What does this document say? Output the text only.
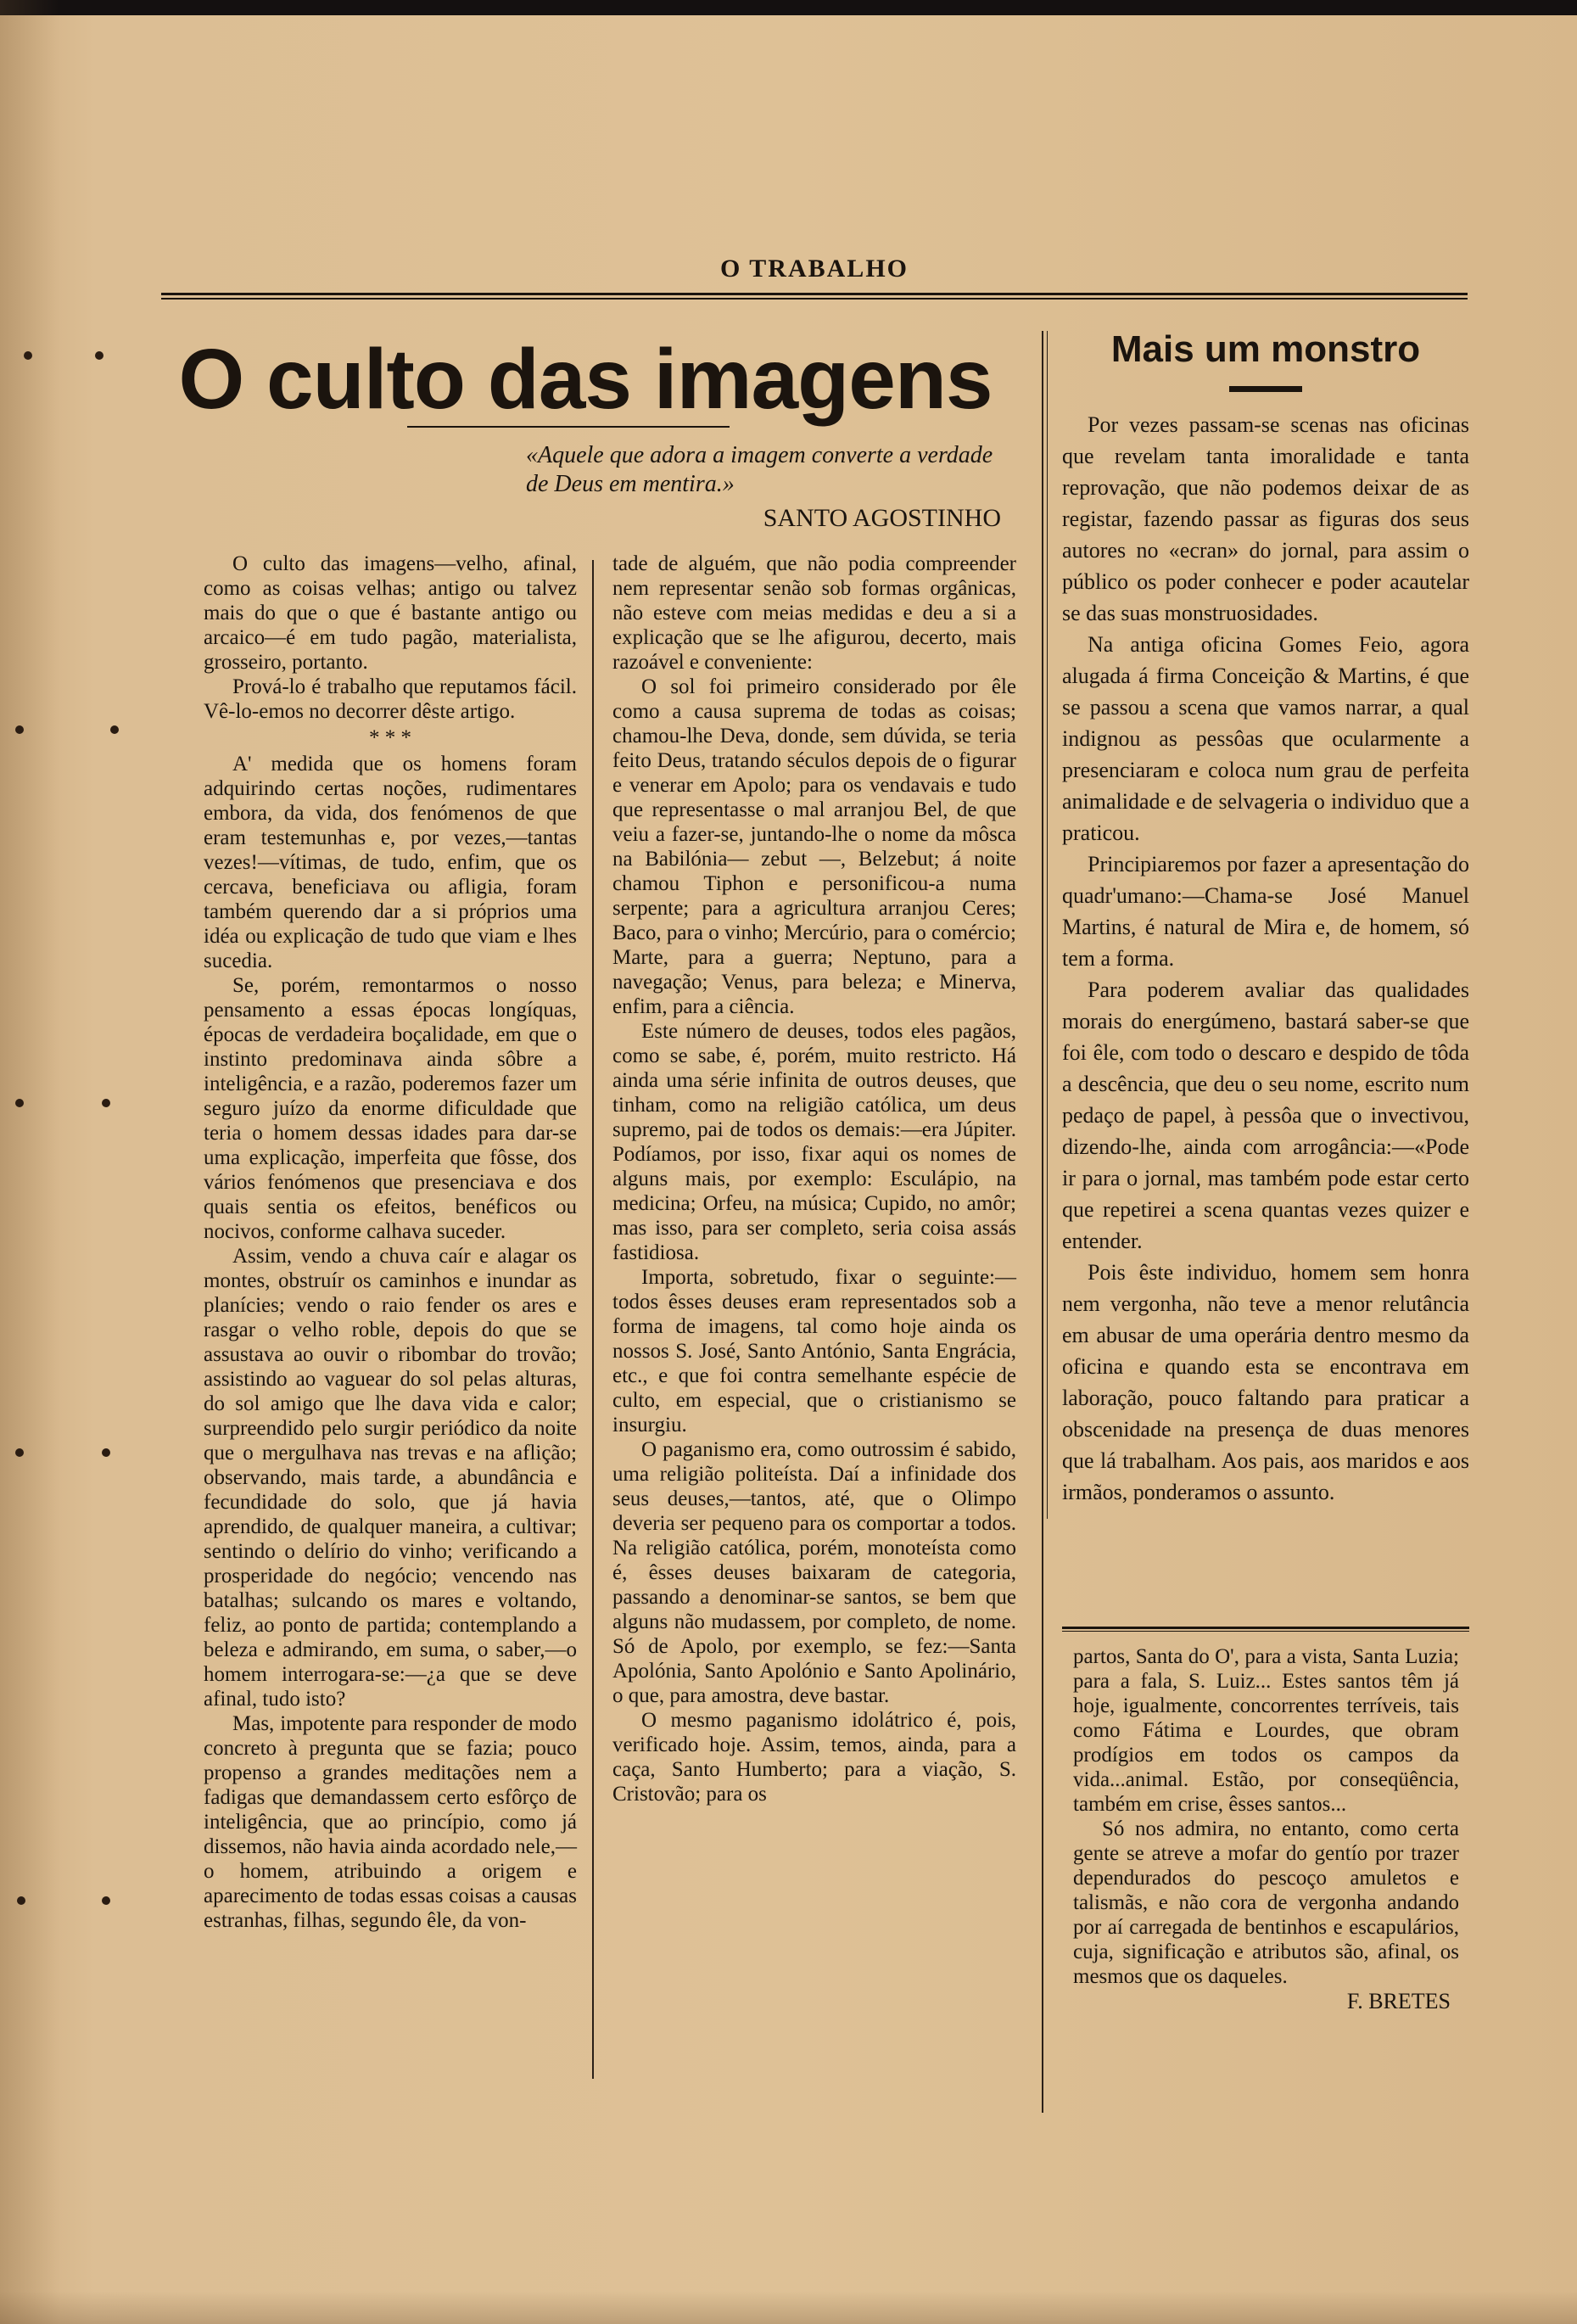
O TRABALHO
O culto das imagens
«Aquele que adora a imagem converte a verdade de Deus em mentira.»
SANTO AGOSTINHO

O culto das imagens—velho, afinal, como as coisas velhas; antigo ou talvez mais do que o que é bastante antigo ou arcaico—é em tudo pagão, materialista, grosseiro, portanto.

Prová-lo é trabalho que reputamos fácil. Vê-lo-emos no decorrer dêste artigo.

* * *

A' medida que os homens foram adquirindo certas noções, rudimentares embora, da vida, dos fenómenos de que eram testemunhas e, por vezes,—tantas vezes!—vítimas, de tudo, enfim, que os cercava, beneficiava ou afligia, foram também querendo dar a si próprios uma idéa ou explicação de tudo que viam e lhes sucedia.

Se, porém, remontarmos o nosso pensamento a essas épocas longíquas, épocas de verdadeira boçalidade, em que o instinto predominava ainda sôbre a inteligência, e a razão, poderemos fazer um seguro juízo da enorme dificuldade que teria o homem dessas idades para dar-se uma explicação, imperfeita que fôsse, dos vários fenómenos que presenciava e dos quais sentia os efeitos, benéficos ou nocivos, conforme calhava suceder.

Assim, vendo a chuva caír e alagar os montes, obstruír os caminhos e inundar as planícies; vendo o raio fender os ares e rasgar o velho roble, depois do que se assustava ao ouvir o ribombar do trovão; assistindo ao vaguear do sol pelas alturas, do sol amigo que lhe dava vida e calor; surpreendido pelo surgir periódico da noite que o mergulhava nas trevas e na aflição; observando, mais tarde, a abundância e fecundidade do solo, que já havia aprendido, de qualquer maneira, a cultivar; sentindo o delírio do vinho; verificando a prosperidade do negócio; vencendo nas batalhas; sulcando os mares e voltando, feliz, ao ponto de partida; contemplando a beleza e admirando, em suma, o saber,—o homem interrogara-se:—¿a que se deve afinal, tudo isto?

Mas, impotente para responder de modo concreto à pregunta que se fazia; pouco propenso a grandes meditações nem a fadigas que demandassem certo esfôrço de inteligência, que ao princípio, como já dissemos, não havia ainda acordado nele,—o homem, atribuindo a origem e aparecimento de todas essas coisas a causas estranhas, filhas, segundo êle, da von-

tade de alguém, que não podia compreender nem representar senão sob formas orgânicas, não esteve com meias medidas e deu a si a explicação que se lhe afigurou, decerto, mais razoável e conveniente:

O sol foi primeiro considerado por êle como a causa suprema de todas as coisas; chamou-lhe Deva, donde, sem dúvida, se teria feito Deus, tratando séculos depois de o figurar e venerar em Apolo; para os vendavais e tudo que representasse o mal arranjou Bel, de que veiu a fazer-se, juntando-lhe o nome da môsca na Babilónia— zebut —, Belzebut; á noite chamou Tiphon e personificou-a numa serpente; para a agricultura arranjou Ceres; Baco, para o vinho; Mercúrio, para o comércio; Marte, para a guerra; Neptuno, para a navegação; Venus, para beleza; e Minerva, enfim, para a ciência.

Este número de deuses, todos eles pagãos, como se sabe, é, porém, muito restricto. Há ainda uma série infinita de outros deuses, que tinham, como na religião católica, um deus supremo, pai de todos os demais:—era Júpiter. Podíamos, por isso, fixar aqui os nomes de alguns mais, por exemplo: Esculápio, na medicina; Orfeu, na música; Cupido, no amôr; mas isso, para ser completo, seria coisa assás fastidiosa.

Importa, sobretudo, fixar o seguinte:—todos êsses deuses eram representados sob a forma de imagens, tal como hoje ainda os nossos S. José, Santo António, Santa Engrácia, etc., e que foi contra semelhante espécie de culto, em especial, que o cristianismo se insurgiu.

O paganismo era, como outrossim é sabido, uma religião politeísta. Daí a infinidade dos seus deuses,—tantos, até, que o Olimpo deveria ser pequeno para os comportar a todos. Na religião católica, porém, monoteísta como é, êsses deuses baixaram de categoria, passando a denominar-se santos, se bem que alguns não mudassem, por completo, de nome. Só de Apolo, por exemplo, se fez:—Santa Apolónia, Santo Apolónio e Santo Apolinário, o que, para amostra, deve bastar.

O mesmo paganismo idolátrico é, pois, verificado hoje. Assim, temos, ainda, para a caça, Santo Humberto; para a viação, S. Cristovão; para os

Mais um monstro

Por vezes passam-se scenas nas oficinas que revelam tanta imoralidade e tanta reprovação, que não podemos deixar de as registar, fazendo passar as figuras dos seus autores no «ecran» do jornal, para assim o público os poder conhecer e poder acautelar se das suas monstruosidades.

Na antiga oficina Gomes Feio, agora alugada á firma Conceição & Martins, é que se passou a scena que vamos narrar, a qual indignou as pessôas que ocularmente a presenciaram e coloca num grau de perfeita animalidade e de selvageria o individuo que a praticou.

Principiaremos por fazer a apresentação do quadr'umano:—Chama-se José Manuel Martins, é natural de Mira e, de homem, só tem a forma.

Para poderem avaliar das qualidades morais do energúmeno, bastará saber-se que foi êle, com todo o descaro e despido de tôda a descência, que deu o seu nome, escrito num pedaço de papel, à pessôa que o invectivou, dizendo-lhe, ainda com arrogância:—«Pode ir para o jornal, mas também pode estar certo que repetirei a scena quantas vezes quizer e entender.

Pois êste individuo, homem sem honra nem vergonha, não teve a menor relutância em abusar de uma operária dentro mesmo da oficina e quando esta se encontrava em laboração, pouco faltando para praticar a obscenidade na presença de duas menores que lá trabalham. Aos pais, aos maridos e aos irmãos, ponderamos o assunto.

partos, Santa do O', para a vista, Santa Luzia; para a fala, S. Luiz... Estes santos têm já hoje, igualmente, concorrentes terríveis, tais como Fátima e Lourdes, que obram prodígios em todos os campos da vida...animal. Estão, por conseqüência, também em crise, êsses santos...

Só nos admira, no entanto, como certa gente se atreve a mofar do gentío por trazer dependurados do pescoço amuletos e talismãs, e não cora de vergonha andando por aí carregada de bentinhos e escapulários, cuja, significação e atributos são, afinal, os mesmos que os daqueles.

F. BRETES
